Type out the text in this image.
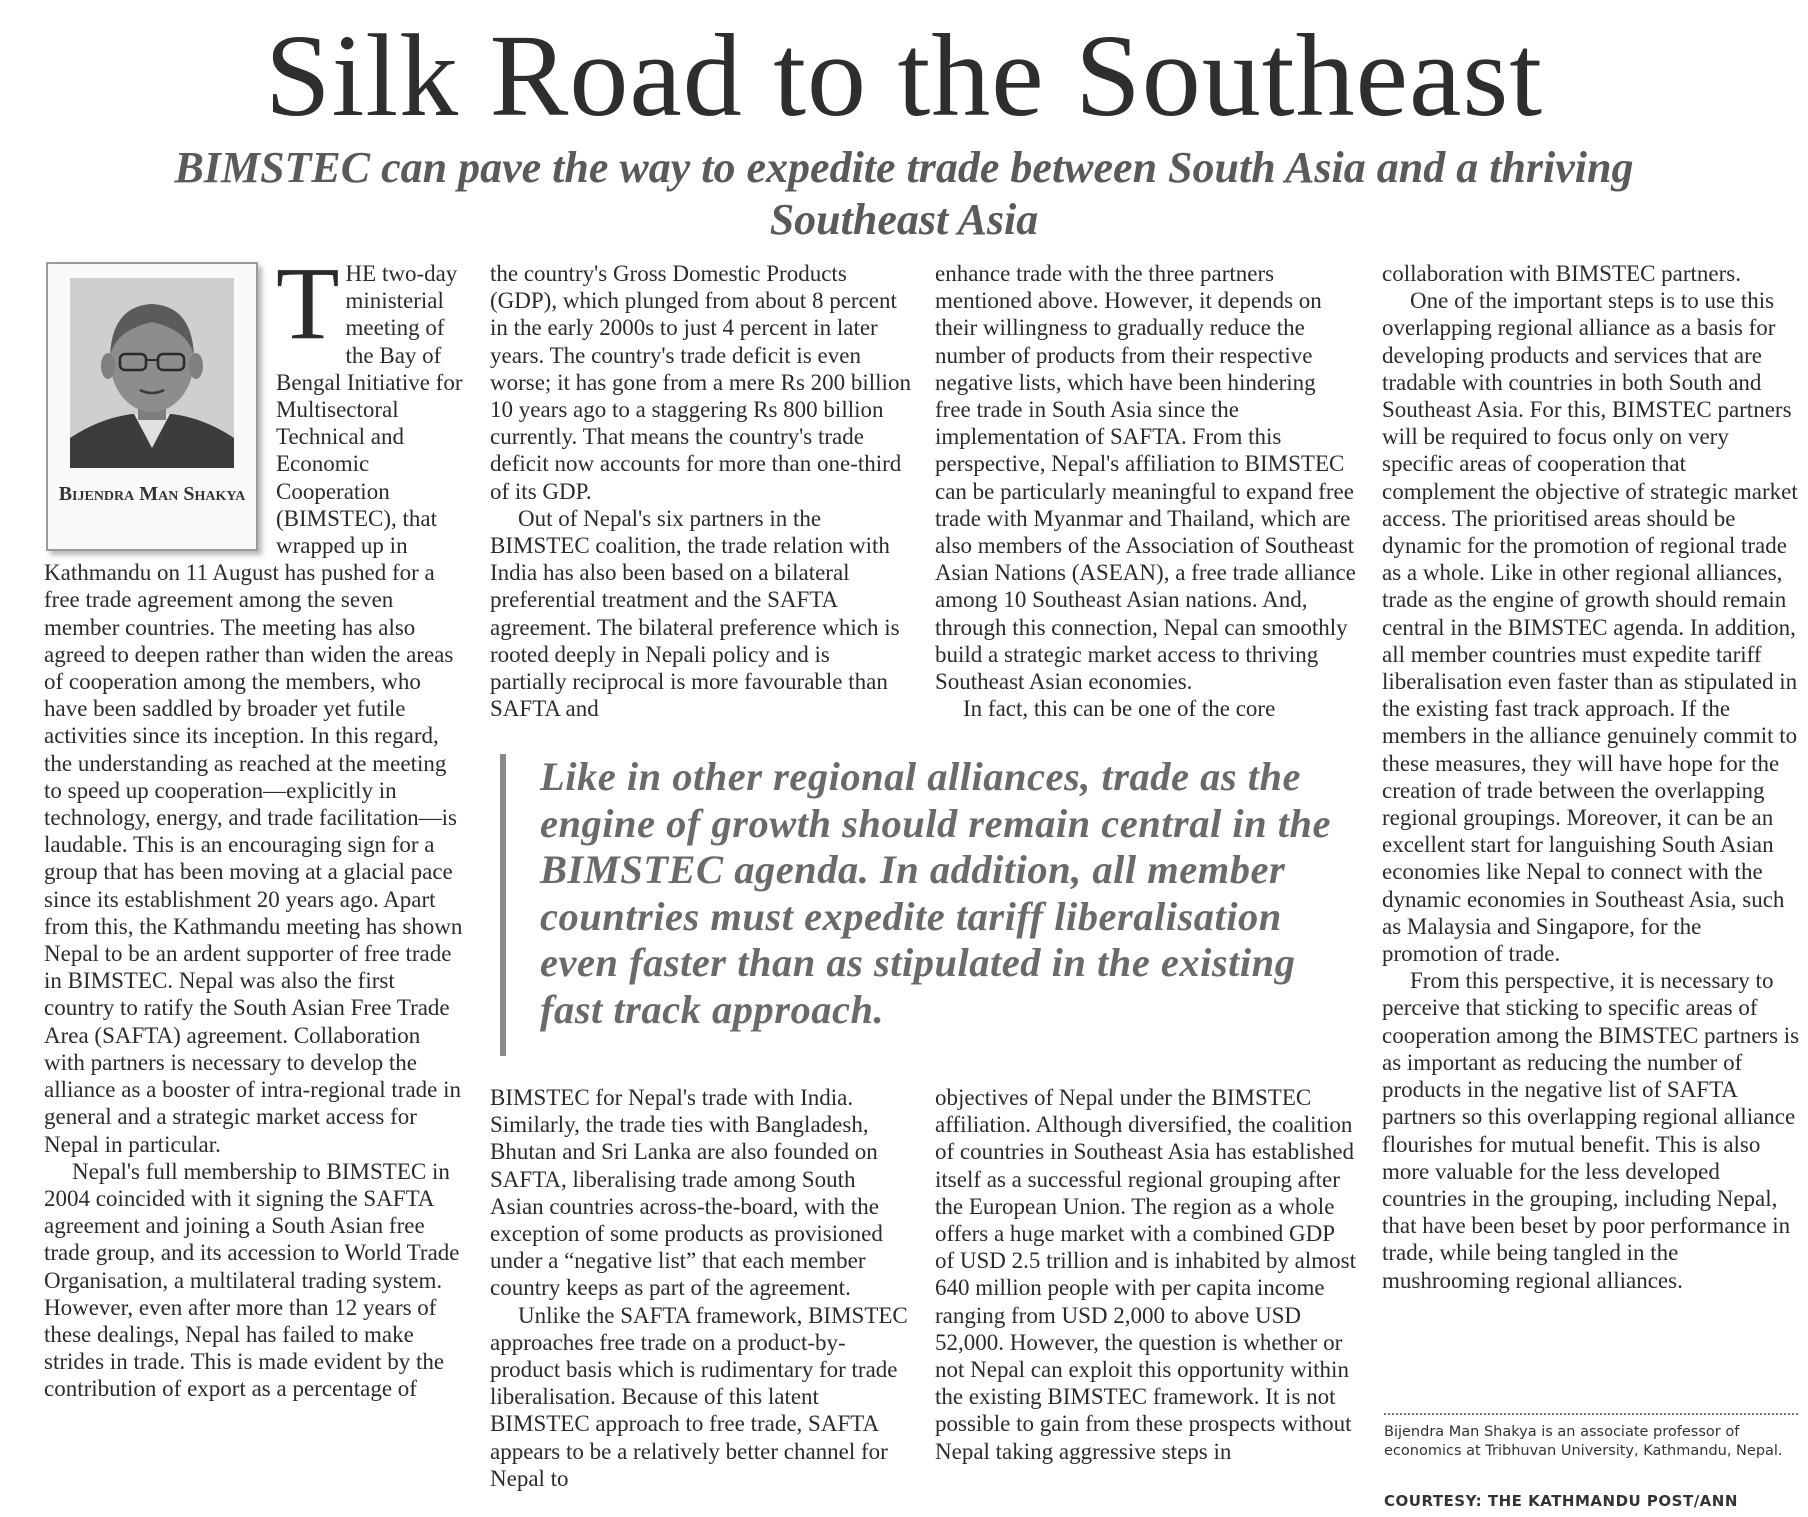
Silk Road to the Southeast
BIMSTEC can pave the way to expedite trade between South Asia and a thriving Southeast Asia

THE two-day ministerial meeting of the Bay of Bengal Initiative for Multisectoral Technical and Economic Cooperation (BIMSTEC), that wrapped up in Kathmandu on 11 August has pushed for a free trade agreement among the seven member countries. The meeting has also agreed to deepen rather than widen the areas of cooperation among the members, who have been saddled by broader yet futile activities since its inception. In this regard, the understanding as reached at the meeting to speed up cooperation—explicitly in technology, energy, and trade facilitation—is laudable. This is an encouraging sign for a group that has been moving at a glacial pace since its establishment 20 years ago. Apart from this, the Kathmandu meeting has shown Nepal to be an ardent supporter of free trade in BIMSTEC. Nepal was also the first country to ratify the South Asian Free Trade Area (SAFTA) agreement. Collaboration with partners is necessary to develop the alliance as a booster of intra-regional trade in general and a strategic market access for Nepal in particular.

Nepal's full membership to BIMSTEC in 2004 coincided with it signing the SAFTA agreement and joining a South Asian free trade group, and its accession to World Trade Organisation, a multilateral trading system. However, even after more than 12 years of these dealings, Nepal has failed to make strides in trade. This is made evident by the contribution of export as a percentage of

Bijendra Man Shakya

the country's Gross Domestic Products (GDP), which plunged from about 8 percent in the early 2000s to just 4 percent in later years. The country's trade deficit is even worse; it has gone from a mere Rs 200 billion 10 years ago to a staggering Rs 800 billion currently. That means the country's trade deficit now accounts for more than one-third of its GDP.

Out of Nepal's six partners in the BIMSTEC coalition, the trade relation with India has also been based on a bilateral preferential treatment and the SAFTA agreement. The bilateral preference which is rooted deeply in Nepali policy and is partially reciprocal is more favourable than SAFTA and

enhance trade with the three partners mentioned above. However, it depends on their willingness to gradually reduce the number of products from their respective negative lists, which have been hindering free trade in South Asia since the implementation of SAFTA. From this perspective, Nepal's affiliation to BIMSTEC can be particularly meaningful to expand free trade with Myanmar and Thailand, which are also members of the Association of Southeast Asian Nations (ASEAN), a free trade alliance among 10 Southeast Asian nations. And, through this connection, Nepal can smoothly build a strategic market access to thriving Southeast Asian economies.

In fact, this can be one of the core

Like in other regional alliances, trade as the engine of growth should remain central in the BIMSTEC agenda. In addition, all member countries must expedite tariff liberalisation even faster than as stipulated in the existing fast track approach.

BIMSTEC for Nepal's trade with India. Similarly, the trade ties with Bangladesh, Bhutan and Sri Lanka are also founded on SAFTA, liberalising trade among South Asian countries across-the-board, with the exception of some products as provisioned under a “negative list” that each member country keeps as part of the agreement.

Unlike the SAFTA framework, BIMSTEC approaches free trade on a product-by-product basis which is rudimentary for trade liberalisation. Because of this latent BIMSTEC approach to free trade, SAFTA appears to be a relatively better channel for Nepal to

objectives of Nepal under the BIMSTEC affiliation. Although diversified, the coalition of countries in Southeast Asia has established itself as a successful regional grouping after the European Union. The region as a whole offers a huge market with a combined GDP of USD 2.5 trillion and is inhabited by almost 640 million people with per capita income ranging from USD 2,000 to above USD 52,000. However, the question is whether or not Nepal can exploit this opportunity within the existing BIMSTEC framework. It is not possible to gain from these prospects without Nepal taking aggressive steps in

collaboration with BIMSTEC partners.

One of the important steps is to use this overlapping regional alliance as a basis for developing products and services that are tradable with countries in both South and Southeast Asia. For this, BIMSTEC partners will be required to focus only on very specific areas of cooperation that complement the objective of strategic market access. The prioritised areas should be dynamic for the promotion of regional trade as a whole. Like in other regional alliances, trade as the engine of growth should remain central in the BIMSTEC agenda. In addition, all member countries must expedite tariff liberalisation even faster than as stipulated in the existing fast track approach. If the members in the alliance genuinely commit to these measures, they will have hope for the creation of trade between the overlapping regional groupings. Moreover, it can be an excellent start for languishing South Asian economies like Nepal to connect with the dynamic economies in Southeast Asia, such as Malaysia and Singapore, for the promotion of trade.

From this perspective, it is necessary to perceive that sticking to specific areas of cooperation among the BIMSTEC partners is as important as reducing the number of products in the negative list of SAFTA partners so this overlapping regional alliance flourishes for mutual benefit. This is also more valuable for the less developed countries in the grouping, including Nepal, that have been beset by poor performance in trade, while being tangled in the mushrooming regional alliances.

Bijendra Man Shakya is an associate professor of economics at Tribhuvan University, Kathmandu, Nepal.

COURTESY: THE KATHMANDU POST/ANN
